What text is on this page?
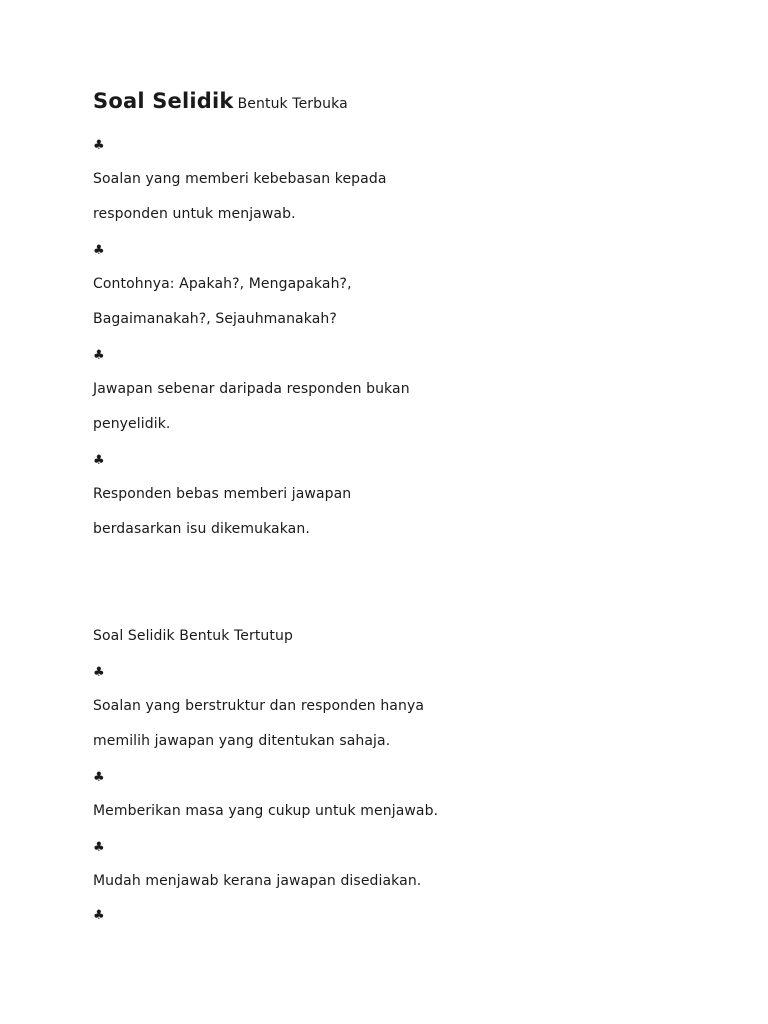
Soal Selidik Bentuk Terbuka
♣
Soalan yang memberi kebebasan kepada
responden untuk menjawab.
♣
Contohnya: Apakah?, Mengapakah?,
Bagaimanakah?, Sejauhmanakah?
♣
Jawapan sebenar daripada responden bukan
penyelidik.
♣
Responden bebas memberi jawapan
berdasarkan isu dikemukakan.
Soal Selidik Bentuk Tertutup
♣
Soalan yang berstruktur dan responden hanya
memilih jawapan yang ditentukan sahaja.
♣
Memberikan masa yang cukup untuk menjawab.
♣
Mudah menjawab kerana jawapan disediakan.
♣
